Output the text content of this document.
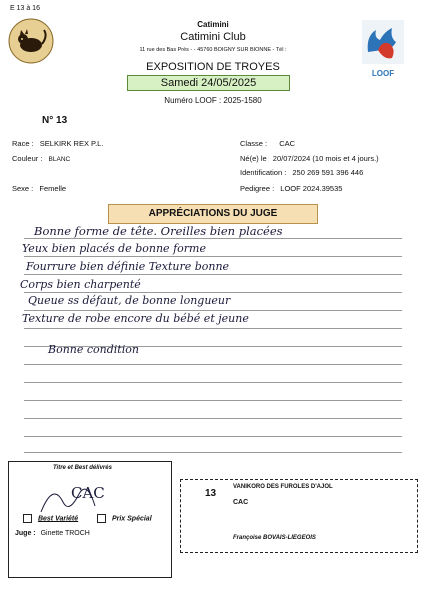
E 13 à 16
Catimini
Catimini Club
11 rue des Bas Près - - 45760 BOIGNY SUR BIONNE - Tél :
EXPOSITION DE TROYES
Samedi 24/05/2025
Numéro LOOF : 2025-1580
LOOF
N° 13
Race : SELKIRK REX P.L.
Couleur : BLANC
Sexe : Femelle
Classe : CAC
Né(e) le 20/07/2024 (10 mois et 4 jours.)
Identification : 250 269 591 396 446
Pedigree : LOOF 2024.39535
APPRÉCIATIONS DU JUGE
Bonne forme de tête. Oreilles bien placées
Yeux bien placés de bonne forme
Fourrure bien définie Texture bonne
Corps bien charpenté
Queue ss défaut, de bonne longueur
Texture de robe encore du bébé et jeune
Bonne condition
Titre et Best délivrés
CAC
Best Variété	Prix Spécial
Juge : Ginette TROCH
13
VANIKORO DES FUROLES D'AJOL
CAC
Françoise BOVAIS-LIEGEOIS
